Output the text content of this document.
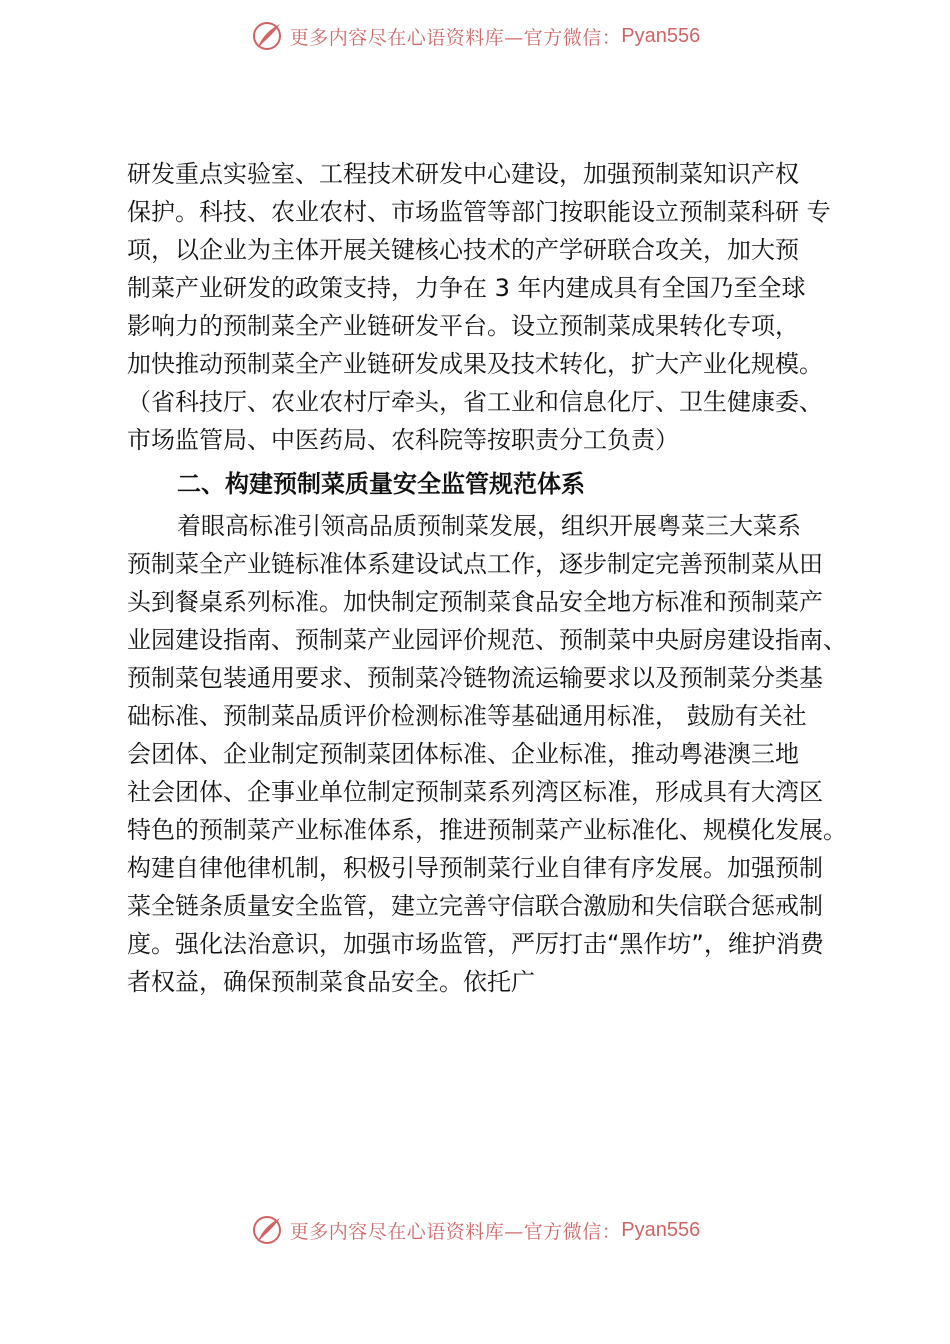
更多内容尽在心语资料库—官方微信： Pyan556
研发重点实验室、工程技术研发中心建设，加强预制菜知识产权
保护。科技、农业农村、市场监管等部门按职能设立预制菜科研 专
项，以企业为主体开展关键核心技术的产学研联合攻关，加大预
制菜产业研发的政策支持，力争在 3 年内建成具有全国乃至全球
影响力的预制菜全产业链研发平台。设立预制菜成果转化专项，
加快推动预制菜全产业链研发成果及技术转化，扩大产业化规模。
（省科技厅、农业农村厅牵头，省工业和信息化厅、卫生健康委、
市场监管局、中医药局、农科院等按职责分工负责）
二、构建预制菜质量安全监管规范体系
着眼高标准引领高品质预制菜发展，组织开展粤菜三大菜系
预制菜全产业链标准体系建设试点工作，逐步制定完善预制菜从田
头到餐桌系列标准。加快制定预制菜食品安全地方标准和预制菜产
业园建设指南、预制菜产业园评价规范、预制菜中央厨房建设指南、
预制菜包装通用要求、预制菜冷链物流运输要求以及预制菜分类基
础标准、预制菜品质评价检测标准等基础通用标准， 鼓励有关社
会团体、企业制定预制菜团体标准、企业标准，推动粤港澳三地
社会团体、企事业单位制定预制菜系列湾区标准，形成具有大湾区
特色的预制菜产业标准体系，推进预制菜产业标准化、规模化发展。
构建自律他律机制，积极引导预制菜行业自律有序发展。加强预制
菜全链条质量安全监管，建立完善守信联合激励和失信联合惩戒制
度。强化法治意识，加强市场监管，严厉打击“黑作坊”，维护消费
者权益，确保预制菜食品安全。依托广
更多内容尽在心语资料库—官方微信： Pyan556
